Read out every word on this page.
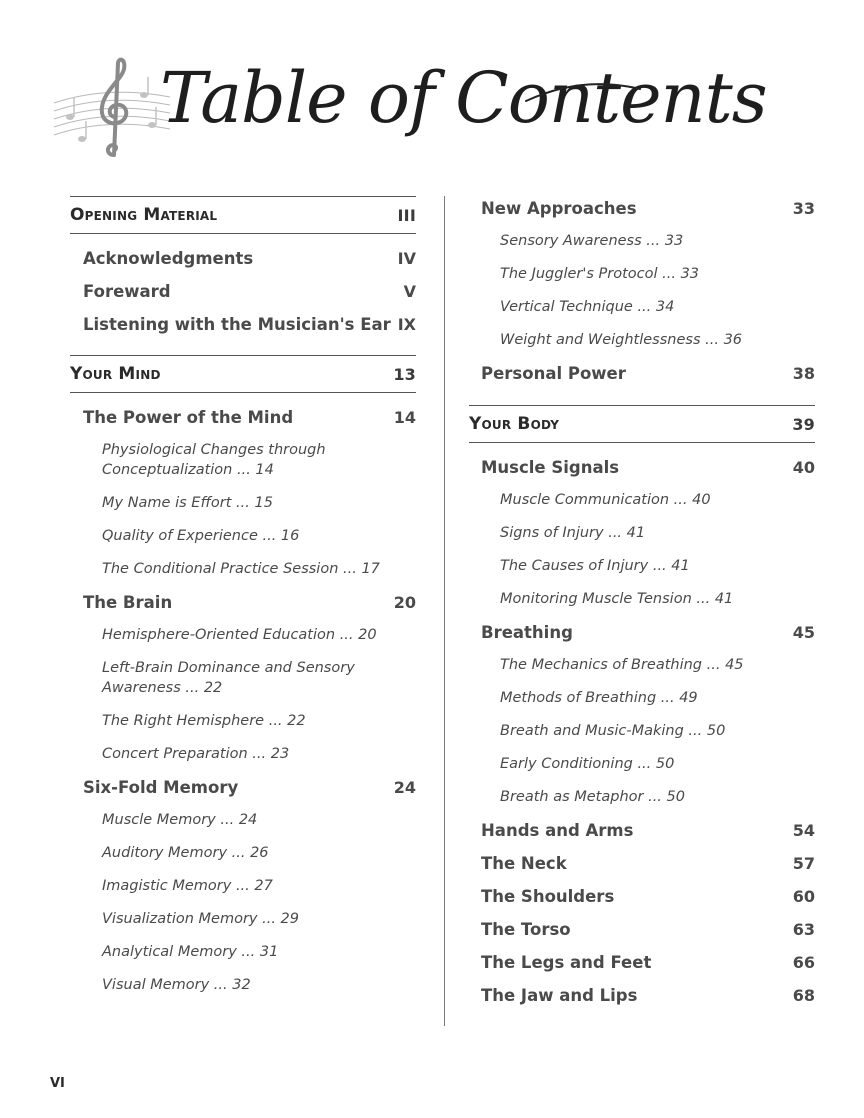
Table of Contents
Opening Material	III
Acknowledgments	IV
Foreward	V
Listening with the Musician's Ear IX
Your Mind	13
The Power of the Mind	14
Physiological Changes through Conceptualization ... 14
My Name is Effort ... 15
Quality of Experience ... 16
The Conditional Practice Session ... 17
The Brain	20
Hemisphere-Oriented Education ... 20
Left-Brain Dominance and Sensory Awareness ... 22
The Right Hemisphere ... 22
Concert Preparation ... 23
Six-Fold Memory	24
Muscle Memory ... 24
Auditory Memory ... 26
Imagistic Memory ... 27
Visualization Memory ... 29
Analytical Memory ... 31
Visual Memory ... 32
New Approaches	33
Sensory Awareness ... 33
The Juggler's Protocol ... 33
Vertical Technique ... 34
Weight and Weightlessness ... 36
Personal Power	38
Your Body	39
Muscle Signals	40
Muscle Communication ... 40
Signs of Injury ... 41
The Causes of Injury ... 41
Monitoring Muscle Tension ... 41
Breathing	45
The Mechanics of Breathing ... 45
Methods of Breathing ... 49
Breath and Music-Making ... 50
Early Conditioning ... 50
Breath as Metaphor ... 50
Hands and Arms	54
The Neck	57
The Shoulders	60
The Torso	63
The Legs and Feet	66
The Jaw and Lips	68
VI
